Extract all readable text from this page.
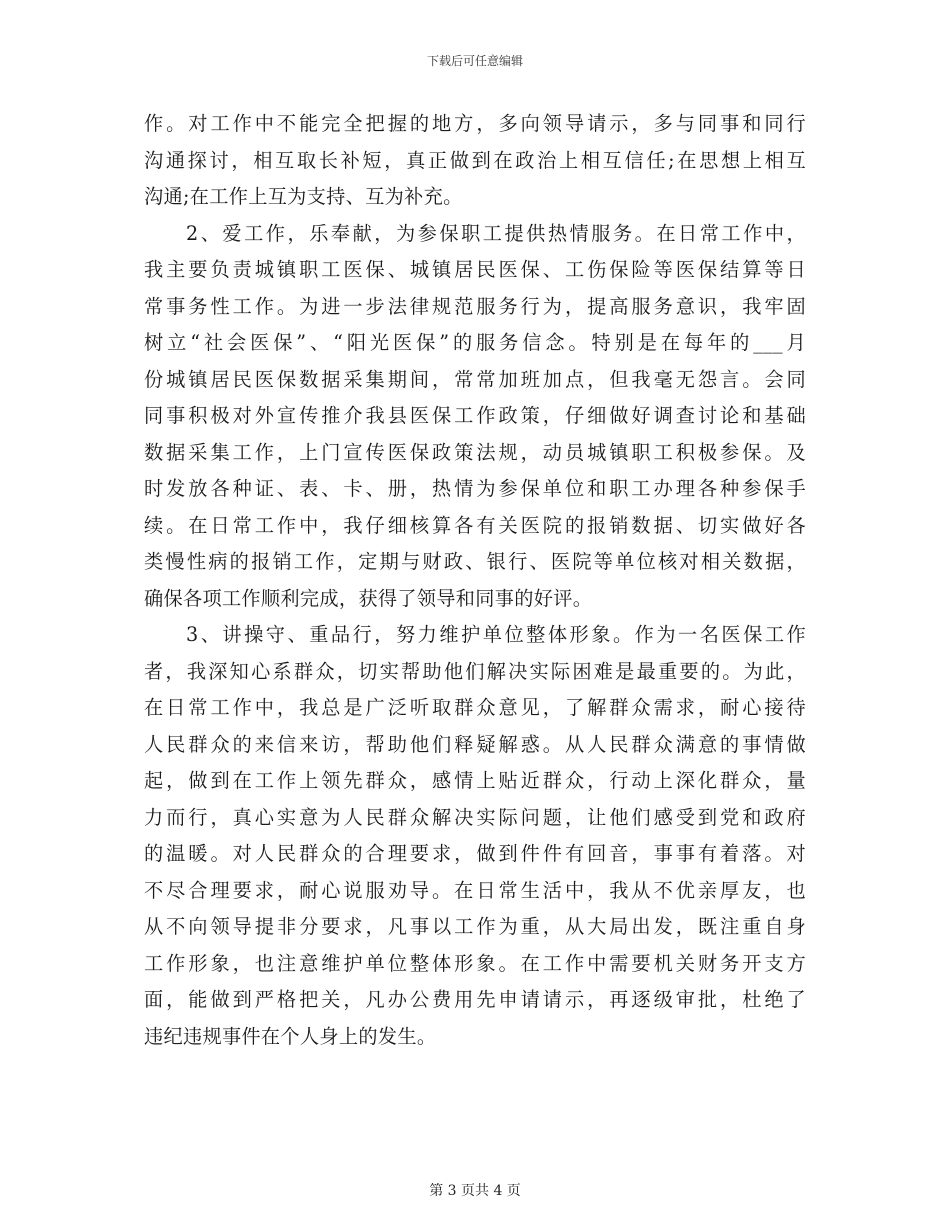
下载后可任意编辑
作。对工作中不能完全把握的地方，多向领导请示，多与同事和同行
沟通探讨，相互取长补短，真正做到在政治上相互信任;在思想上相互
沟通;在工作上互为支持、互为补充。
2、爱工作，乐奉献，为参保职工提供热情服务。在日常工作中，
我主要负责城镇职工医保、城镇居民医保、工伤保险等医保结算等日
常事务性工作。为进一步法律规范服务行为，提高服务意识，我牢固
树立“社会医保”、“阳光医保”的服务信念。特别是在每年的___月
份城镇居民医保数据采集期间，常常加班加点，但我毫无怨言。会同
同事积极对外宣传推介我县医保工作政策，仔细做好调查讨论和基础
数据采集工作，上门宣传医保政策法规，动员城镇职工积极参保。及
时发放各种证、表、卡、册，热情为参保单位和职工办理各种参保手
续。在日常工作中，我仔细核算各有关医院的报销数据、切实做好各
类慢性病的报销工作，定期与财政、银行、医院等单位核对相关数据，
确保各项工作顺利完成，获得了领导和同事的好评。
3、讲操守、重品行，努力维护单位整体形象。作为一名医保工作
者，我深知心系群众，切实帮助他们解决实际困难是最重要的。为此，
在日常工作中，我总是广泛听取群众意见，了解群众需求，耐心接待
人民群众的来信来访，帮助他们释疑解惑。从人民群众满意的事情做
起，做到在工作上领先群众，感情上贴近群众，行动上深化群众，量
力而行，真心实意为人民群众解决实际问题，让他们感受到党和政府
的温暖。对人民群众的合理要求，做到件件有回音，事事有着落。对
不尽合理要求，耐心说服劝导。在日常生活中，我从不优亲厚友，也
从不向领导提非分要求，凡事以工作为重，从大局出发，既注重自身
工作形象，也注意维护单位整体形象。在工作中需要机关财务开支方
面，能做到严格把关，凡办公费用先申请请示，再逐级审批，杜绝了
违纪违规事件在个人身上的发生。
第 3 页共 4 页
